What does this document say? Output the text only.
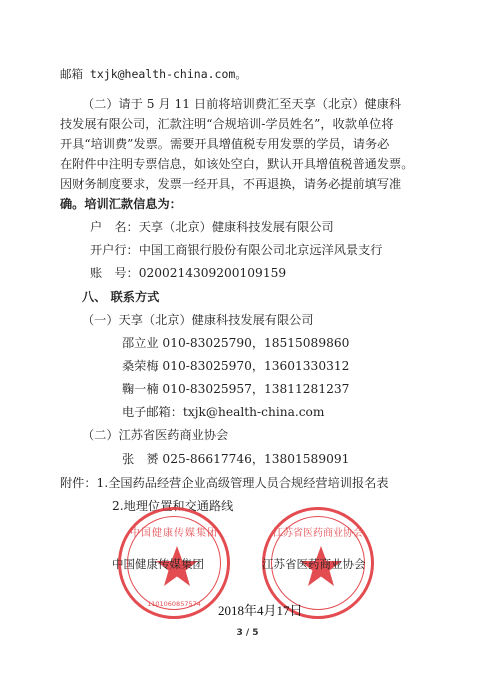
邮箱 txjk@health-china.com。
（二）请于 5 月 11 日前将培训费汇至天享（北京）健康科
技发展有限公司，汇款注明“合规培训-学员姓名”，收款单位将
开具“培训费”发票。需要开具增值税专用发票的学员，请务必
在附件中注明专票信息，如该处空白，默认开具增值税普通发票。
因财务制度要求，发票一经开具，不再退换，请务必提前填写准
确。培训汇款信息为：
户　名：天享（北京）健康科技发展有限公司
开户行：中国工商银行股份有限公司北京远洋风景支行
账　号：0200214309200109159
八、 联系方式
（一）天享（北京）健康科技发展有限公司
邵立业 010-83025790，18515089860
桑荣梅 010-83025970，13601330312
鞠一楠 010-83025957，13811281237
电子邮箱：txjk@health-china.com
（二）江苏省医药商业协会
张　赟 025-86617746，13801589091
附件：1.全国药品经营企业高级管理人员合规经营培训报名表
2.地理位置和交通路线
中国健康传媒集团
1101060857574
江苏省医药商业协会
中国健康传媒集团	江苏省医药商业协会
2018年4月17日
3 / 5
